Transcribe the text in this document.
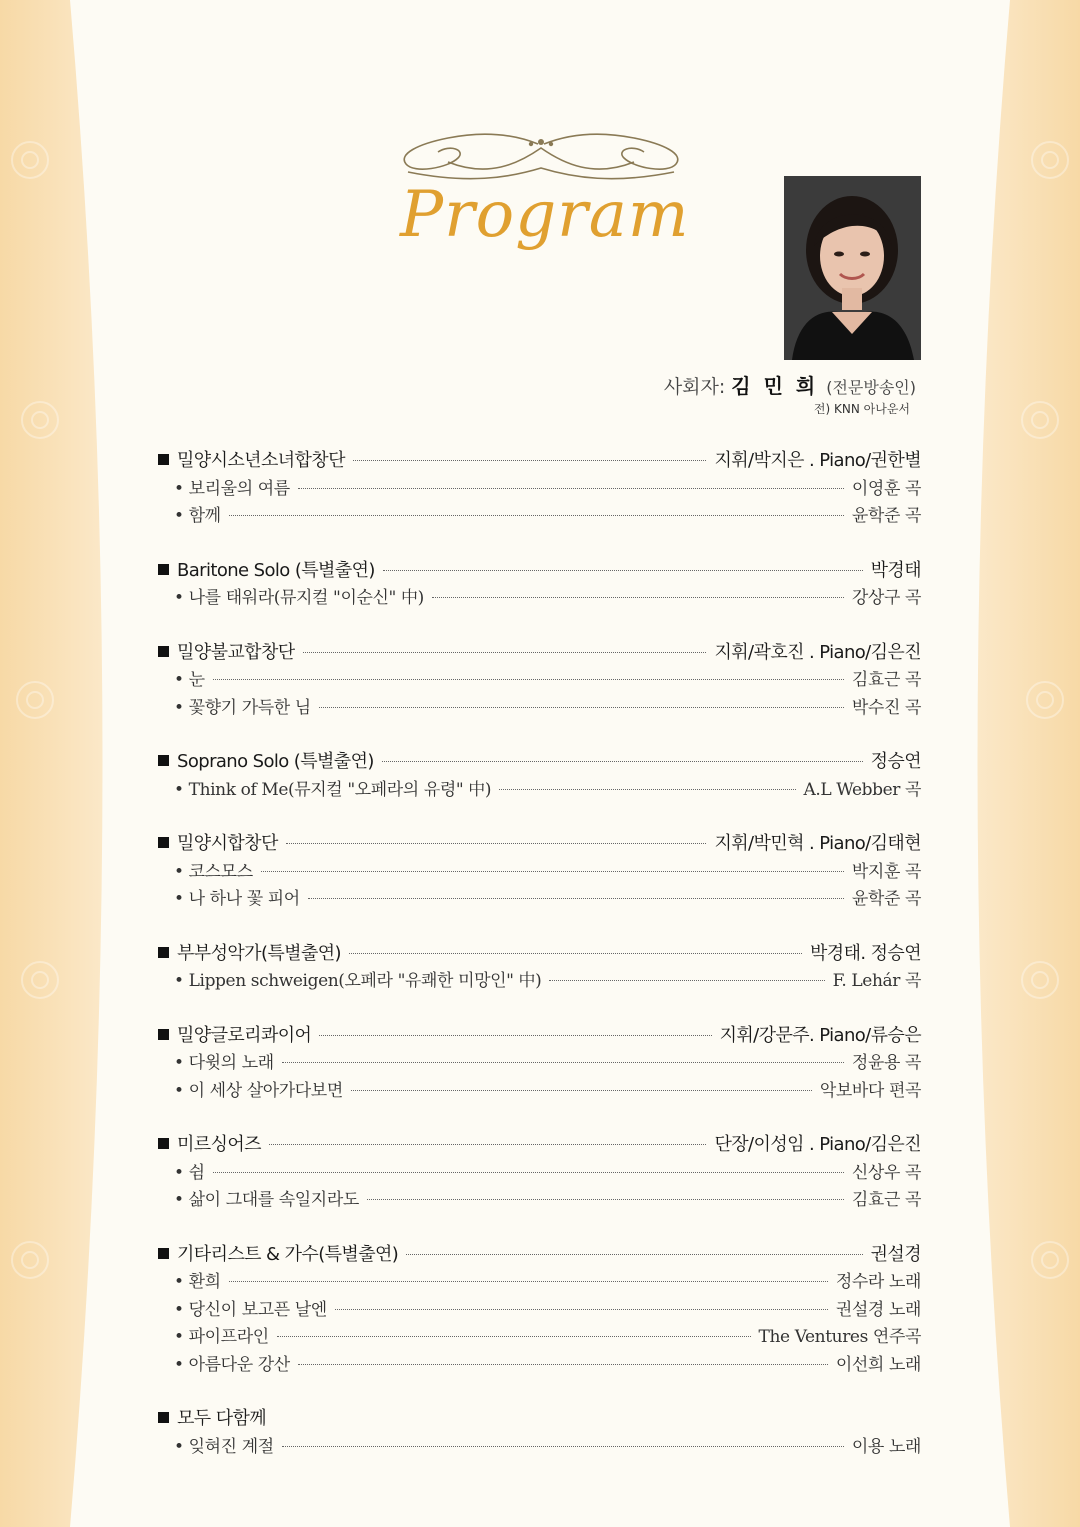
Program
사회자: 김 민 희 (전문방송인)
전) KNN 아나운서
밀양시소년소녀합창단	지휘/박지은 . Piano/권한별
• 보리울의 여름	이영훈 곡
• 함께	윤학준 곡
Baritone Solo (특별출연)	박경태
• 나를 태워라(뮤지컬 "이순신" 中)	강상구 곡
밀양불교합창단	지휘/곽호진 . Piano/김은진
• 눈	김효근 곡
• 꽃향기 가득한 님	박수진 곡
Soprano Solo (특별출연)	정승연
• Think of Me(뮤지컬 "오페라의 유령" 中)	A.L Webber 곡
밀양시합창단	지휘/박민혁 . Piano/김태현
• 코스모스	박지훈 곡
• 나 하나 꽃 피어	윤학준 곡
부부성악가(특별출연)	박경태. 정승연
• Lippen schweigen(오페라 "유쾌한 미망인" 中)	F. Lehár 곡
밀양글로리콰이어	지휘/강문주. Piano/류승은
• 다윗의 노래	정윤용 곡
• 이 세상 살아가다보면	악보바다 편곡
미르싱어즈	단장/이성임 . Piano/김은진
• 쉼	신상우 곡
• 삶이 그대를 속일지라도	김효근 곡
기타리스트 & 가수(특별출연)	권설경
• 환희	정수라 노래
• 당신이 보고픈 날엔	권설경 노래
• 파이프라인	The Ventures 연주곡
• 아름다운 강산	이선희 노래
모두 다함께
• 잊혀진 계절	이용 노래
